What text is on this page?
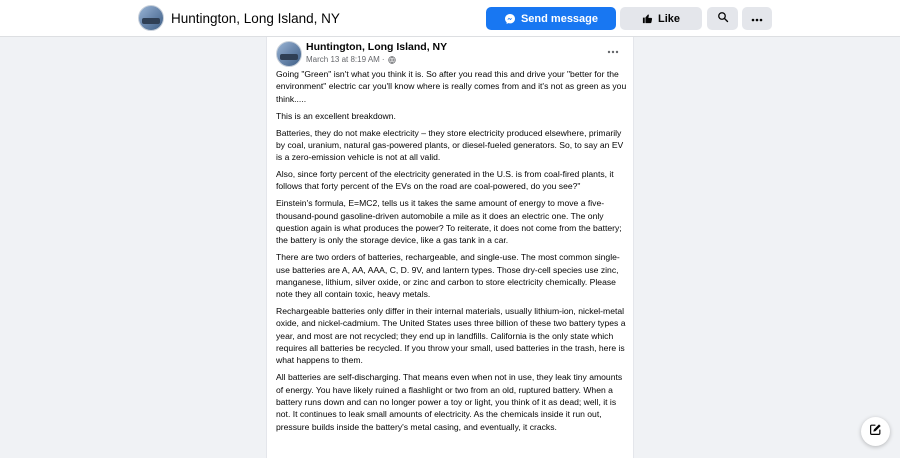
Huntington, Long Island, NY	Send message	Like
Huntington, Long Island, NY
March 13 at 8:19 AM ·

Going "Green" isn't what you think it is. So after you read this and drive your "better for the environment" electric car you'll know where is really comes from and it's not as green as you think.....

This is an excellent breakdown.

Batteries, they do not make electricity – they store electricity produced elsewhere, primarily by coal, uranium, natural gas-powered plants, or diesel-fueled generators. So, to say an EV is a zero-emission vehicle is not at all valid.

Also, since forty percent of the electricity generated in the U.S. is from coal-fired plants, it follows that forty percent of the EVs on the road are coal-powered, do you see?"

Einstein's formula, E=MC2, tells us it takes the same amount of energy to move a five-thousand-pound gasoline-driven automobile a mile as it does an electric one. The only question again is what produces the power? To reiterate, it does not come from the battery; the battery is only the storage device, like a gas tank in a car.

There are two orders of batteries, rechargeable, and single-use. The most common single-use batteries are A, AA, AAA, C, D. 9V, and lantern types. Those dry-cell species use zinc, manganese, lithium, silver oxide, or zinc and carbon to store electricity chemically. Please note they all contain toxic, heavy metals.

Rechargeable batteries only differ in their internal materials, usually lithium-ion, nickel-metal oxide, and nickel-cadmium. The United States uses three billion of these two battery types a year, and most are not recycled; they end up in landfills. California is the only state which requires all batteries be recycled. If you throw your small, used batteries in the trash, here is what happens to them.

All batteries are self-discharging. That means even when not in use, they leak tiny amounts of energy. You have likely ruined a flashlight or two from an old, ruptured battery. When a battery runs down and can no longer power a toy or light, you think of it as dead; well, it is not. It continues to leak small amounts of electricity. As the chemicals inside it run out, pressure builds inside the battery's metal casing, and eventually, it cracks.
